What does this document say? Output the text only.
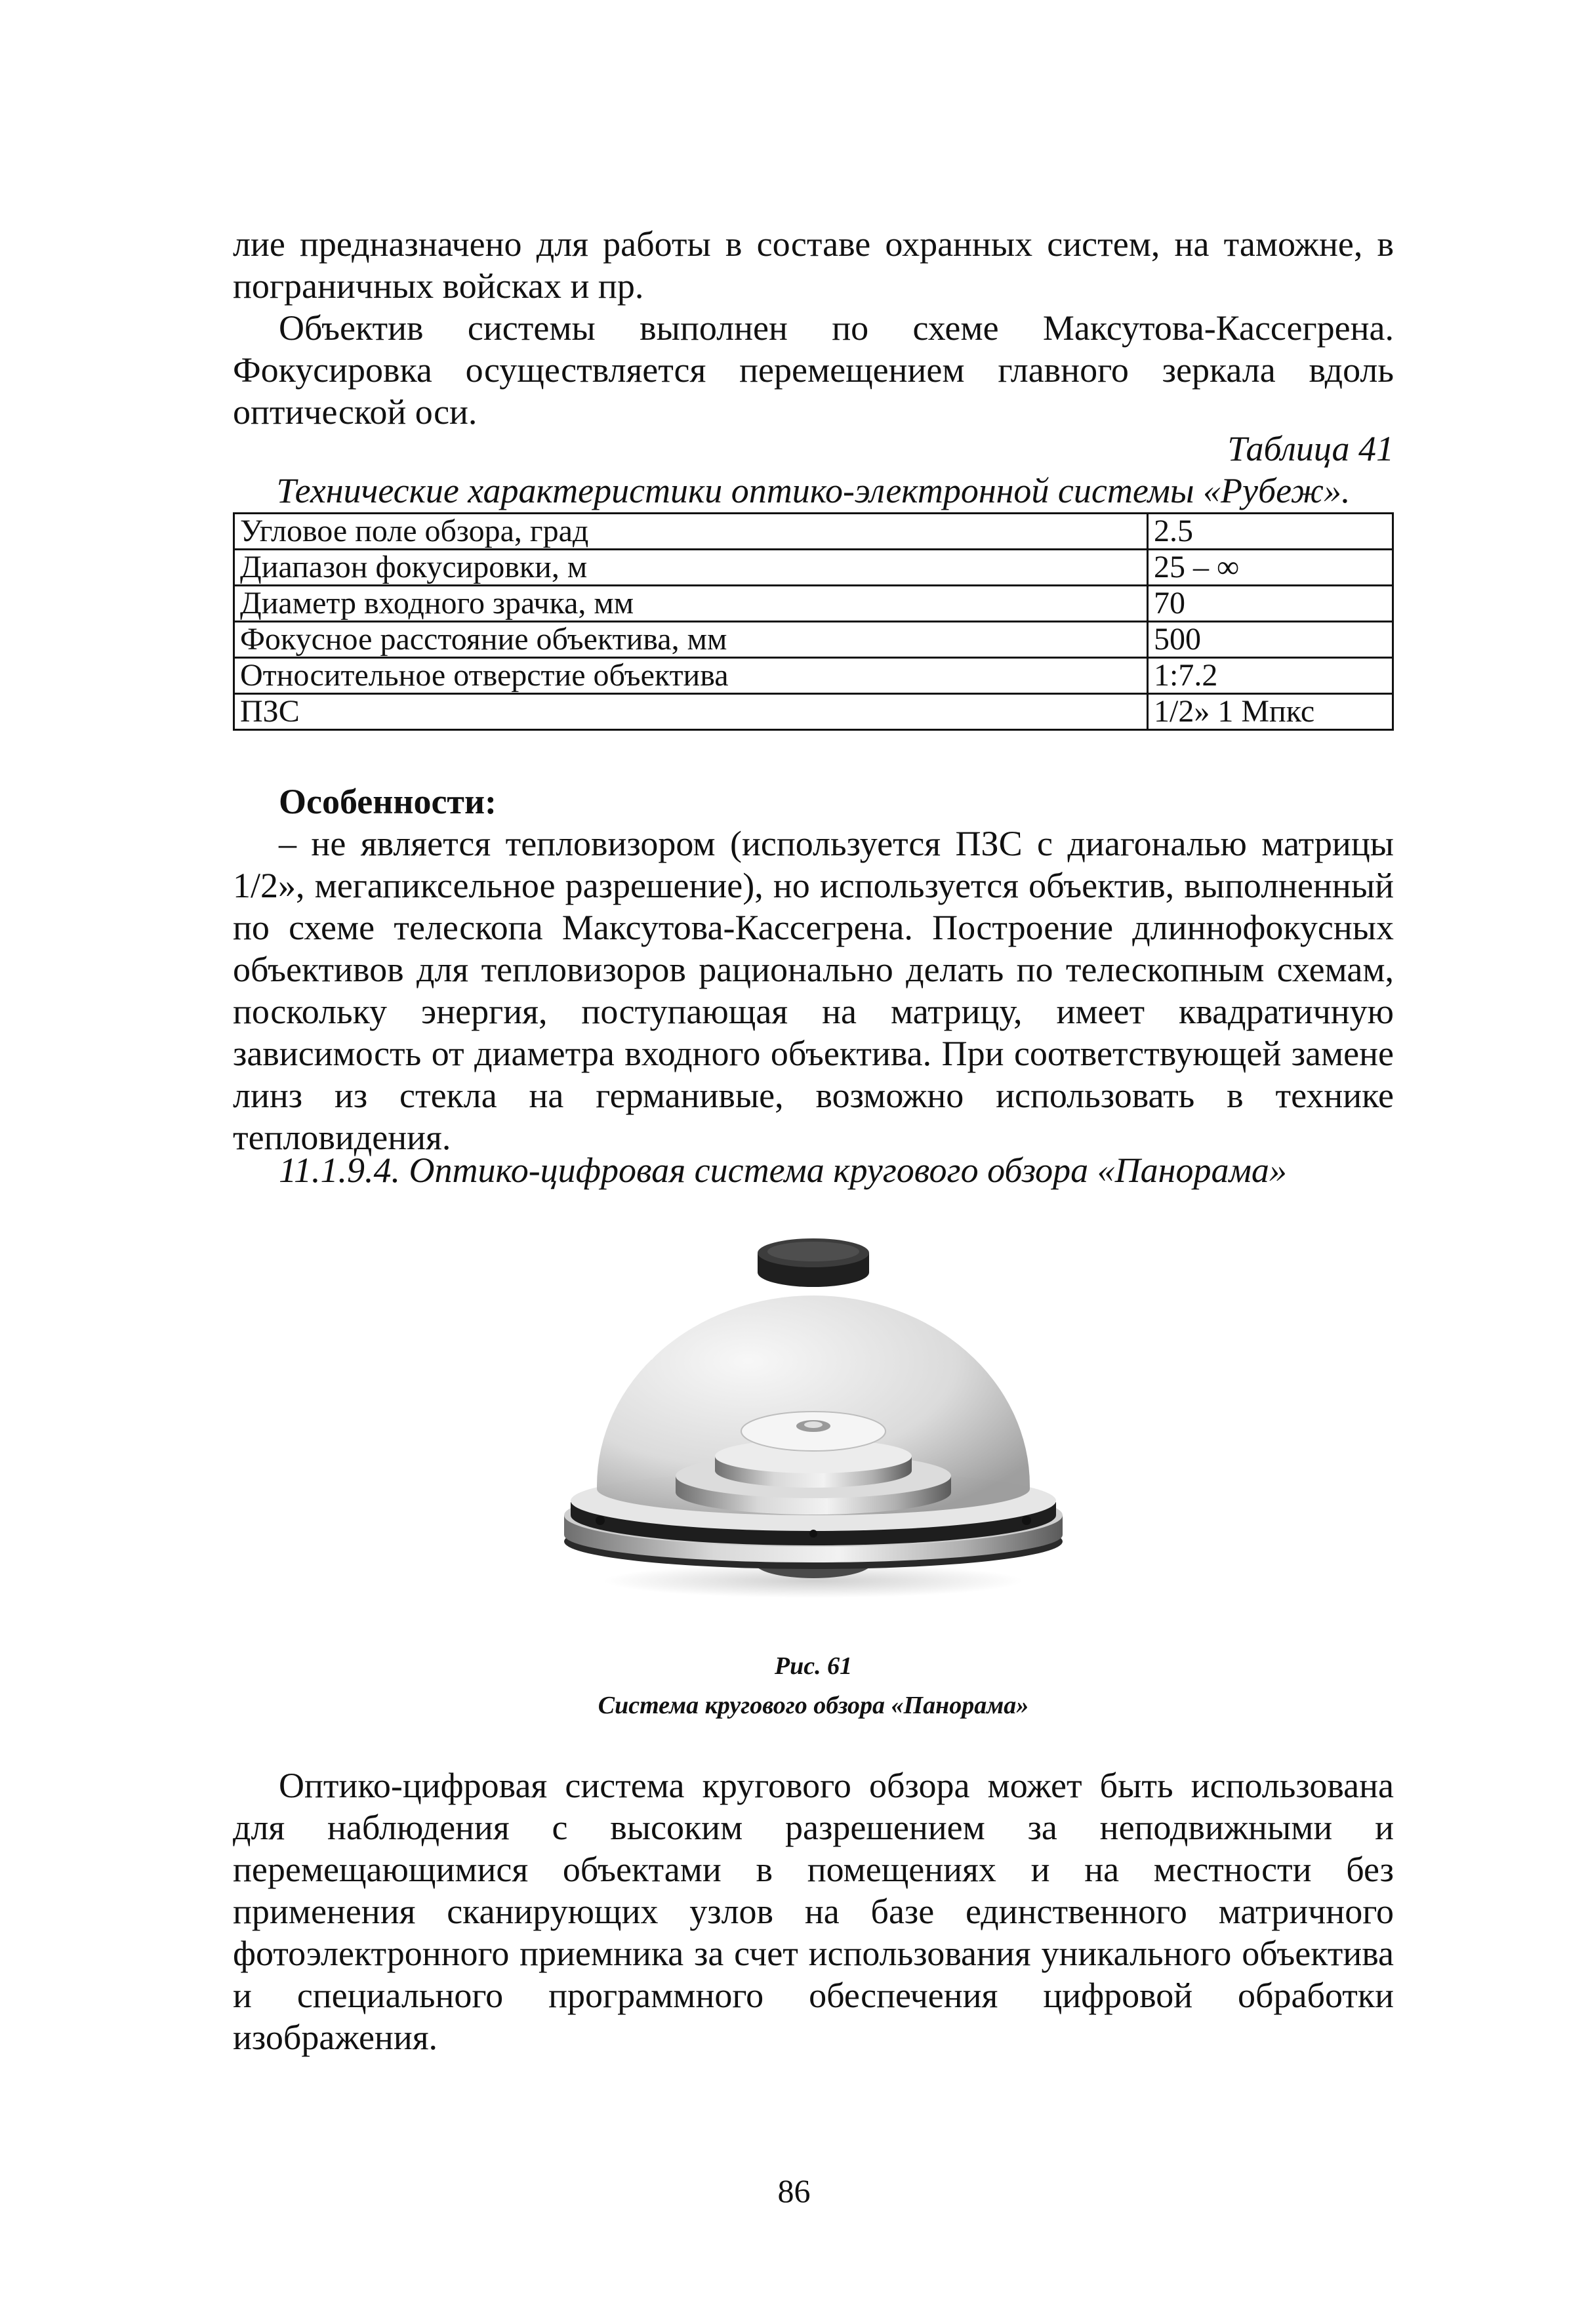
лие предназначено для работы в составе охранных систем, на таможне, в пограничных войсках и пр.

Объектив системы выполнен по схеме Максутова-Кассегрена. Фокусировка осуществляется перемещением главного зеркала вдоль оптической оси.

Таблица 41

Технические характеристики оптико-электронной системы «Рубеж».

Угловое поле обзора, град	2.5
Диапазон фокусировки, м	25 – ∞
Диаметр входного зрачка, мм	70
Фокусное расстояние объектива, мм	500
Относительное отверстие объектива	1:7.2
ПЗС	1/2» 1 Мпкс

Особенности:

– не является тепловизором (используется ПЗС с диагональю матрицы 1/2», мегапиксельное разрешение), но используется объектив, выполненный по схеме телескопа Максутова-Кассегрена. Построение длиннофокусных объективов для тепловизоров рационально делать по телескопным схемам, поскольку энергия, поступающая на матрицу, имеет квадратичную зависимость от диаметра входного объектива. При соответствующей замене линз из стекла на германивые, возможно использовать в технике тепловидения.

11.1.9.4. Оптико-цифровая система кругового обзора «Панорама»

Рис. 61

Система кругового обзора «Панорама»

Оптико-цифровая система кругового обзора может быть использована для наблюдения с высоким разрешением за неподвижными и перемещающимися объектами в помещениях и на местности без применения сканирующих узлов на базе единственного матричного фотоэлектронного приемника за счет использования уникального объектива и специального программного обеспечения цифровой обработки изображения.

86
